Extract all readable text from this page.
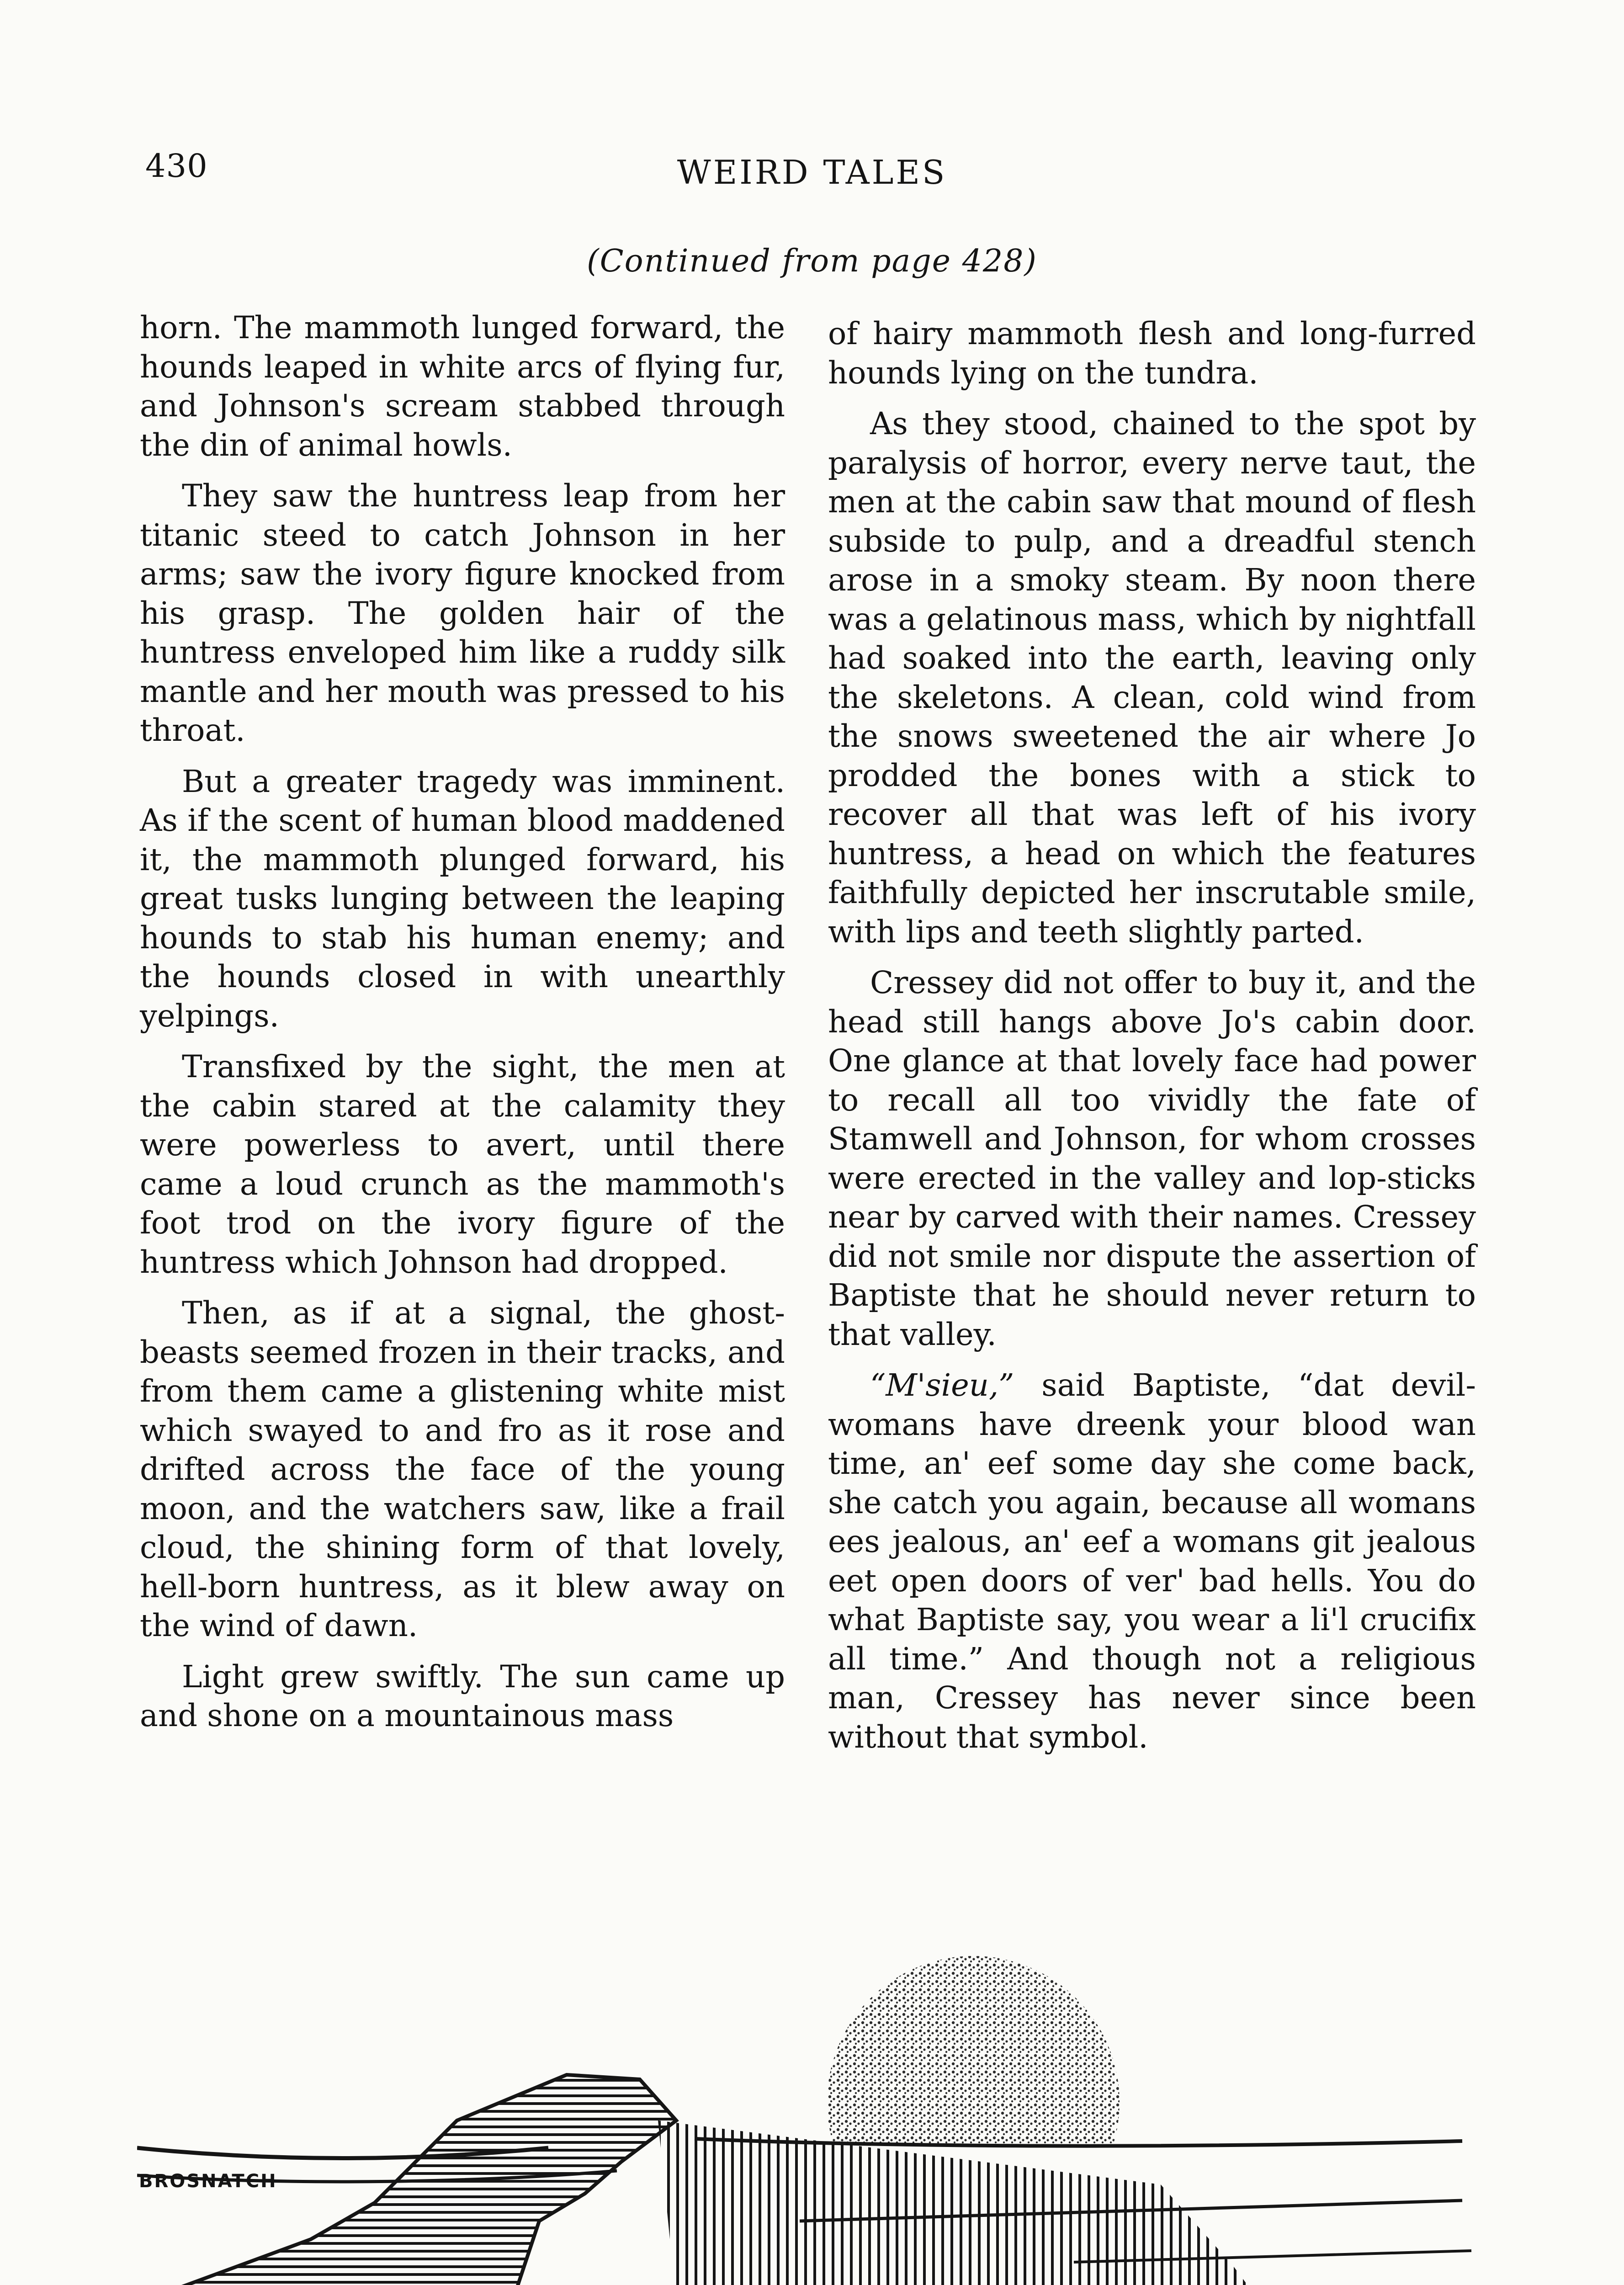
430	WEIRD TALES
(Continued from page 428)

horn. The mammoth lunged forward, the hounds leaped in white arcs of flying fur, and Johnson's scream stabbed through the din of animal howls.

They saw the huntress leap from her titanic steed to catch Johnson in her arms; saw the ivory figure knocked from his grasp. The golden hair of the huntress enveloped him like a ruddy silk mantle and her mouth was pressed to his throat.

But a greater tragedy was imminent. As if the scent of human blood maddened it, the mammoth plunged forward, his great tusks lunging between the leaping hounds to stab his human enemy; and the hounds closed in with unearthly yelpings.

Transfixed by the sight, the men at the cabin stared at the calamity they were powerless to avert, until there came a loud crunch as the mammoth's foot trod on the ivory figure of the huntress which Johnson had dropped.

Then, as if at a signal, the ghost-beasts seemed frozen in their tracks, and from them came a glistening white mist which swayed to and fro as it rose and drifted across the face of the young moon, and the watchers saw, like a frail cloud, the shining form of that lovely, hell-born huntress, as it blew away on the wind of dawn.

Light grew swiftly. The sun came up and shone on a mountainous mass

of hairy mammoth flesh and long-furred hounds lying on the tundra.

As they stood, chained to the spot by paralysis of horror, every nerve taut, the men at the cabin saw that mound of flesh subside to pulp, and a dreadful stench arose in a smoky steam. By noon there was a gelatinous mass, which by nightfall had soaked into the earth, leaving only the skeletons. A clean, cold wind from the snows sweetened the air where Jo prodded the bones with a stick to recover all that was left of his ivory huntress, a head on which the features faithfully depicted her inscrutable smile, with lips and teeth slightly parted.

Cressey did not offer to buy it, and the head still hangs above Jo's cabin door. One glance at that lovely face had power to recall all too vividly the fate of Stamwell and Johnson, for whom crosses were erected in the valley and lop-sticks near by carved with their names. Cressey did not smile nor dispute the assertion of Baptiste that he should never return to that valley.

“M'sieu,” said Baptiste, “dat devil-womans have dreenk your blood wan time, an' eef some day she come back, she catch you again, because all womans ees jealous, an' eef a womans git jealous eet open doors of ver' bad hells. You do what Baptiste say, you wear a li'l crucifix all time.” And though not a religious man, Cressey has never since been without that symbol.

BROSNATCH
